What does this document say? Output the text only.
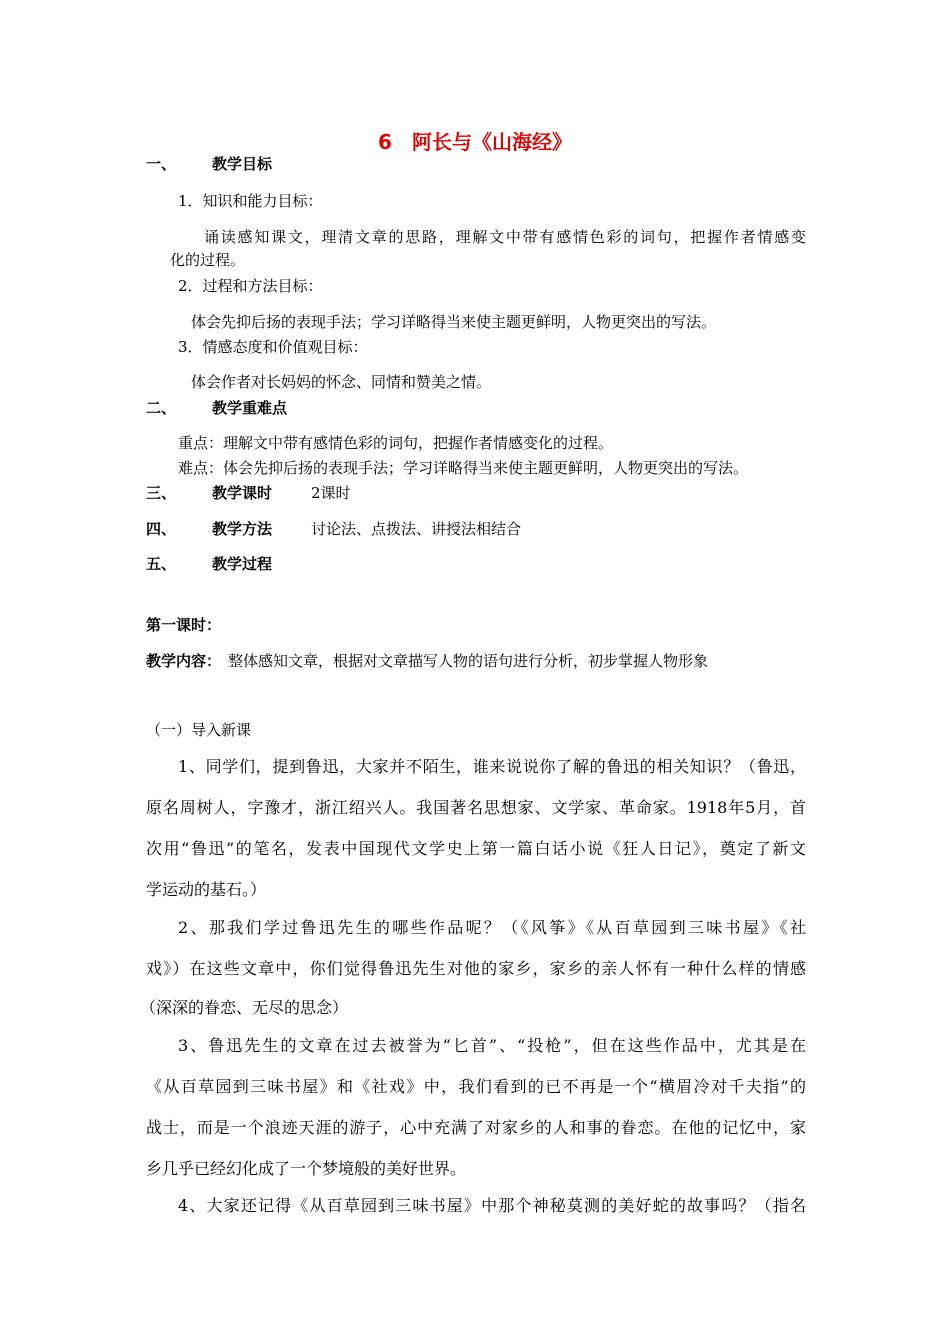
6　阿长与《山海经》
一、 教学目标
1．知识和能力目标：
诵读感知课文，理清文章的思路，理解文中带有感情色彩的词句，把握作者情感变
化的过程。
2．过程和方法目标：
体会先抑后扬的表现手法；学习详略得当来使主题更鲜明，人物更突出的写法。
3．情感态度和价值观目标：
体会作者对长妈妈的怀念、同情和赞美之情。
二、 教学重难点
重点：理解文中带有感情色彩的词句，把握作者情感变化的过程。
难点：体会先抑后扬的表现手法；学习详略得当来使主题更鲜明，人物更突出的写法。
三、 教学课时	2课时
四、 教学方法	讨论法、点拨法、讲授法相结合
五、 教学过程
第一课时：
教学内容： 整体感知文章，根据对文章描写人物的语句进行分析，初步掌握人物形象
（一）导入新课
1、同学们，提到鲁迅，大家并不陌生，谁来说说你了解的鲁迅的相关知识？（鲁迅，
原名周树人，字豫才，浙江绍兴人。我国著名思想家、文学家、革命家。1918年5月，首
次用“鲁迅”的笔名，发表中国现代文学史上第一篇白话小说《狂人日记》，奠定了新文
学运动的基石。）
2、那我们学过鲁迅先生的哪些作品呢？（《风筝》《从百草园到三味书屋》《社
戏》）在这些文章中，你们觉得鲁迅先生对他的家乡，家乡的亲人怀有一种什么样的情感
（深深的眷恋、无尽的思念）
3、鲁迅先生的文章在过去被誉为“匕首”、“投枪”，但在这些作品中，尤其是在
《从百草园到三味书屋》和《社戏》中，我们看到的已不再是一个“横眉冷对千夫指”的
战士，而是一个浪迹天涯的游子，心中充满了对家乡的人和事的眷恋。在他的记忆中，家
乡几乎已经幻化成了一个梦境般的美好世界。
4、大家还记得《从百草园到三味书屋》中那个神秘莫测的美好蛇的故事吗？（指名
